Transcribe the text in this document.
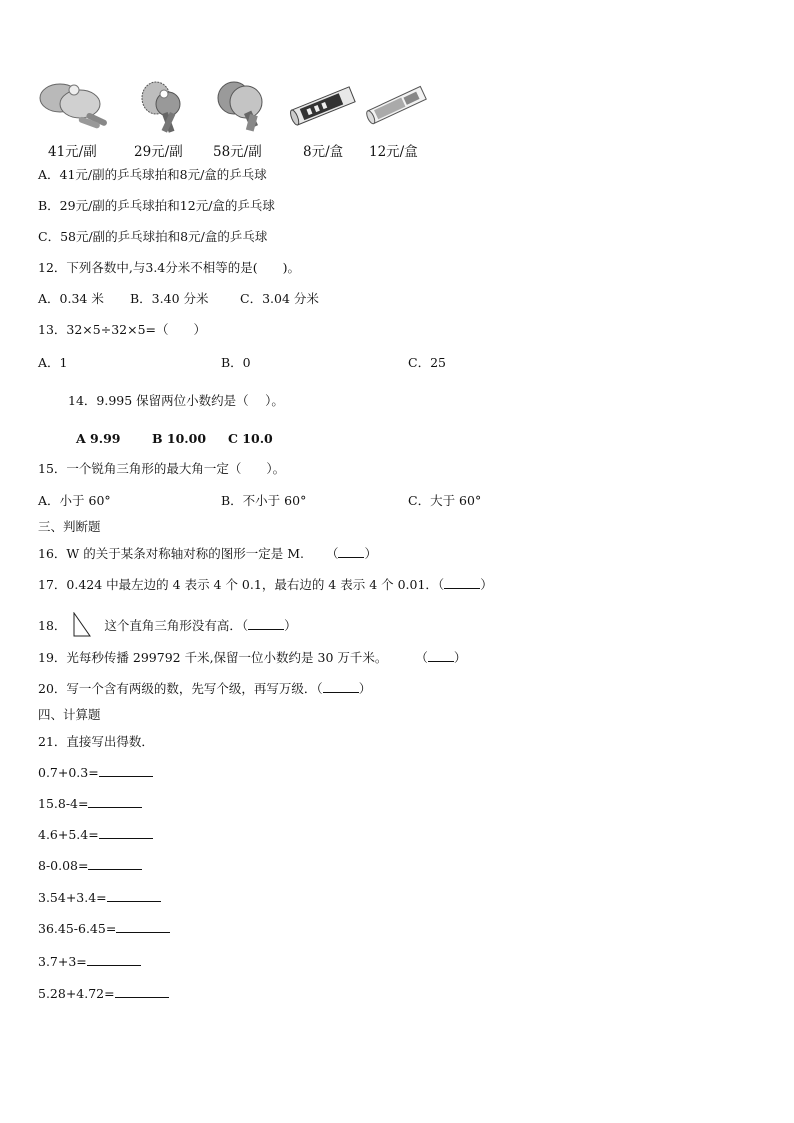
41元/副	29元/副 58元/副	8元/盒 12元/盒
A．41元/副的乒乓球拍和8元/盒的乒乓球
B．29元/副的乒乓球拍和12元/盒的乒乓球
C．58元/副的乒乓球拍和8元/盒的乒乓球
12．下列各数中,与3.4分米不相等的是(　　)。
A．0.34 米 B．3.40 分米	C．3.04 分米
13．32×5÷32×5=（　　）
A．1	B．0	C．25
14．9.995 保留两位小数约是（　 ）。
A 9.99	B 10.00 C 10.0
15．一个锐角三角形的最大角一定（　　）。
A．小于 60°	B．不小于 60°	C．大于 60°
三、判断题
16．W 的关于某条对称轴对称的图形一定是 M. （ ）
17．0.424 中最左边的 4 表示 4 个 0.1，最右边的 4 表示 4 个 0.01．（	）
18．	这个直角三角形没有高．（	）
19．光每秒传播 299792 千米,保留一位小数约是 30 万千米。 （ ）
20．写一个含有两级的数，先写个级，再写万级．（	）
四、计算题
21．直接写出得数．
0.7+0.3=
15.8-4=
4.6+5.4=
8-0.08=
3.54+3.4=
36.45-6.45=
3.7+3=
5.28+4.72=
